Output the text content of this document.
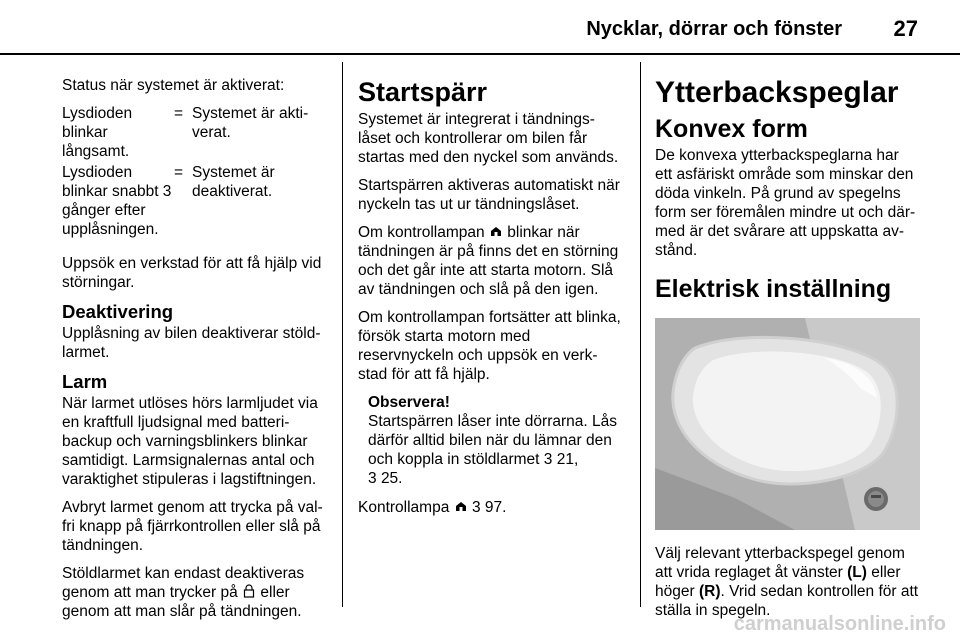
Nycklar, dörrar och fönster 27

Status när systemet är aktiverat:

Lysdioden blinkar långsamt.
= Systemet är akti-verat.
Lysdioden blinkar snabbt 3 gånger efter upplåsningen.
= Systemet är deaktiverat.

Uppsök en verkstad för att få hjälp vid störningar.

Deaktivering

Upplåsning av bilen deaktiverar stöld-larmet.

Larm

När larmet utlöses hörs larmljudet via en kraftfull ljudsignal med batteri-backup och varningsblinkers blinkar samtidigt. Larmsignalernas antal och varaktighet stipuleras i lagstiftningen.

Avbryt larmet genom att trycka på val-fri knapp på fjärrkontrollen eller slå på tändningen.

Stöldlarmet kan endast deaktiveras genom att man trycker på eller genom att man slår på tändningen.

Startspärr

Systemet är integrerat i tändnings-låset och kontrollerar om bilen får startas med den nyckel som används.

Startspärren aktiveras automatiskt när nyckeln tas ut ur tändningslåset.

Om kontrollampan blinkar när tändningen är på finns det en störning och det går inte att starta motorn. Slå av tändningen och slå på den igen.

Om kontrollampan fortsätter att blinka, försök starta motorn med reservnyckeln och uppsök en verk-stad för att få hjälp.

Observera!
Startspärren låser inte dörrarna. Lås därför alltid bilen när du lämnar den och koppla in stöldlarmet 3 21,
3 25.

Kontrollampa 3 97.

Ytterbackspeglar
Konvex form

De konvexa ytterbackspeglarna har ett asfäriskt område som minskar den döda vinkeln. På grund av spegelns form ser föremålen mindre ut och där-med är det svårare att uppskatta av-stånd.

Elektrisk inställning

Välj relevant ytterbackspegel genom att vrida reglaget åt vänster (L) eller höger (R). Vrid sedan kontrollen för att ställa in spegeln.

carmanualsonline.info
